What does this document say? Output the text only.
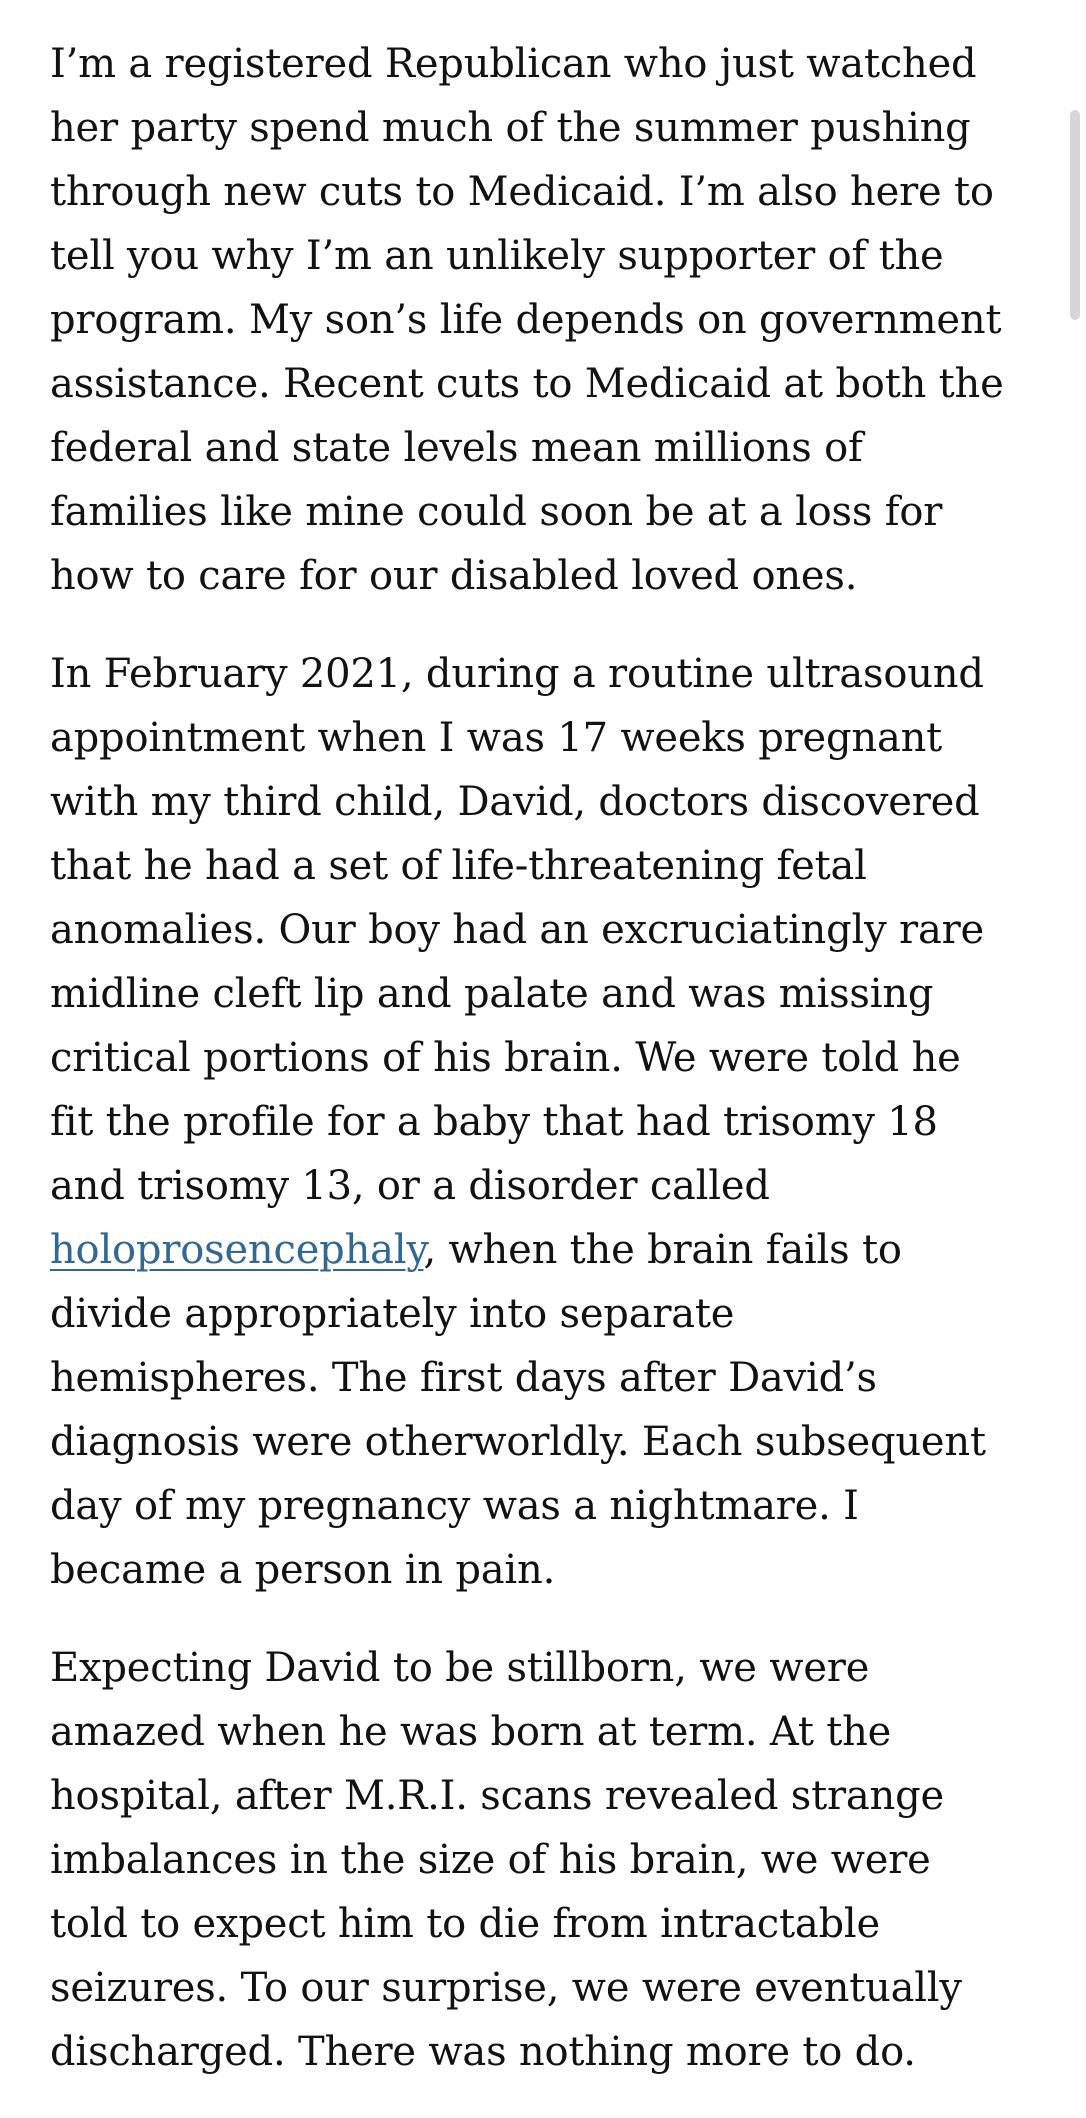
I’m a registered Republican who just watched
her party spend much of the summer pushing
through new cuts to Medicaid. I’m also here to
tell you why I’m an unlikely supporter of the
program. My son’s life depends on government
assistance. Recent cuts to Medicaid at both the
federal and state levels mean millions of
families like mine could soon be at a loss for
how to care for our disabled loved ones.

In February 2021, during a routine ultrasound
appointment when I was 17 weeks pregnant
with my third child, David, doctors discovered
that he had a set of life-threatening fetal
anomalies. Our boy had an excruciatingly rare
midline cleft lip and palate and was missing
critical portions of his brain. We were told he
fit the profile for a baby that had trisomy 18
and trisomy 13, or a disorder called
holoprosencephaly, when the brain fails to
divide appropriately into separate
hemispheres. The first days after David’s
diagnosis were otherworldly. Each subsequent
day of my pregnancy was a nightmare. I
became a person in pain.

Expecting David to be stillborn, we were
amazed when he was born at term. At the
hospital, after M.R.I. scans revealed strange
imbalances in the size of his brain, we were
told to expect him to die from intractable
seizures. To our surprise, we were eventually
discharged. There was nothing more to do.
